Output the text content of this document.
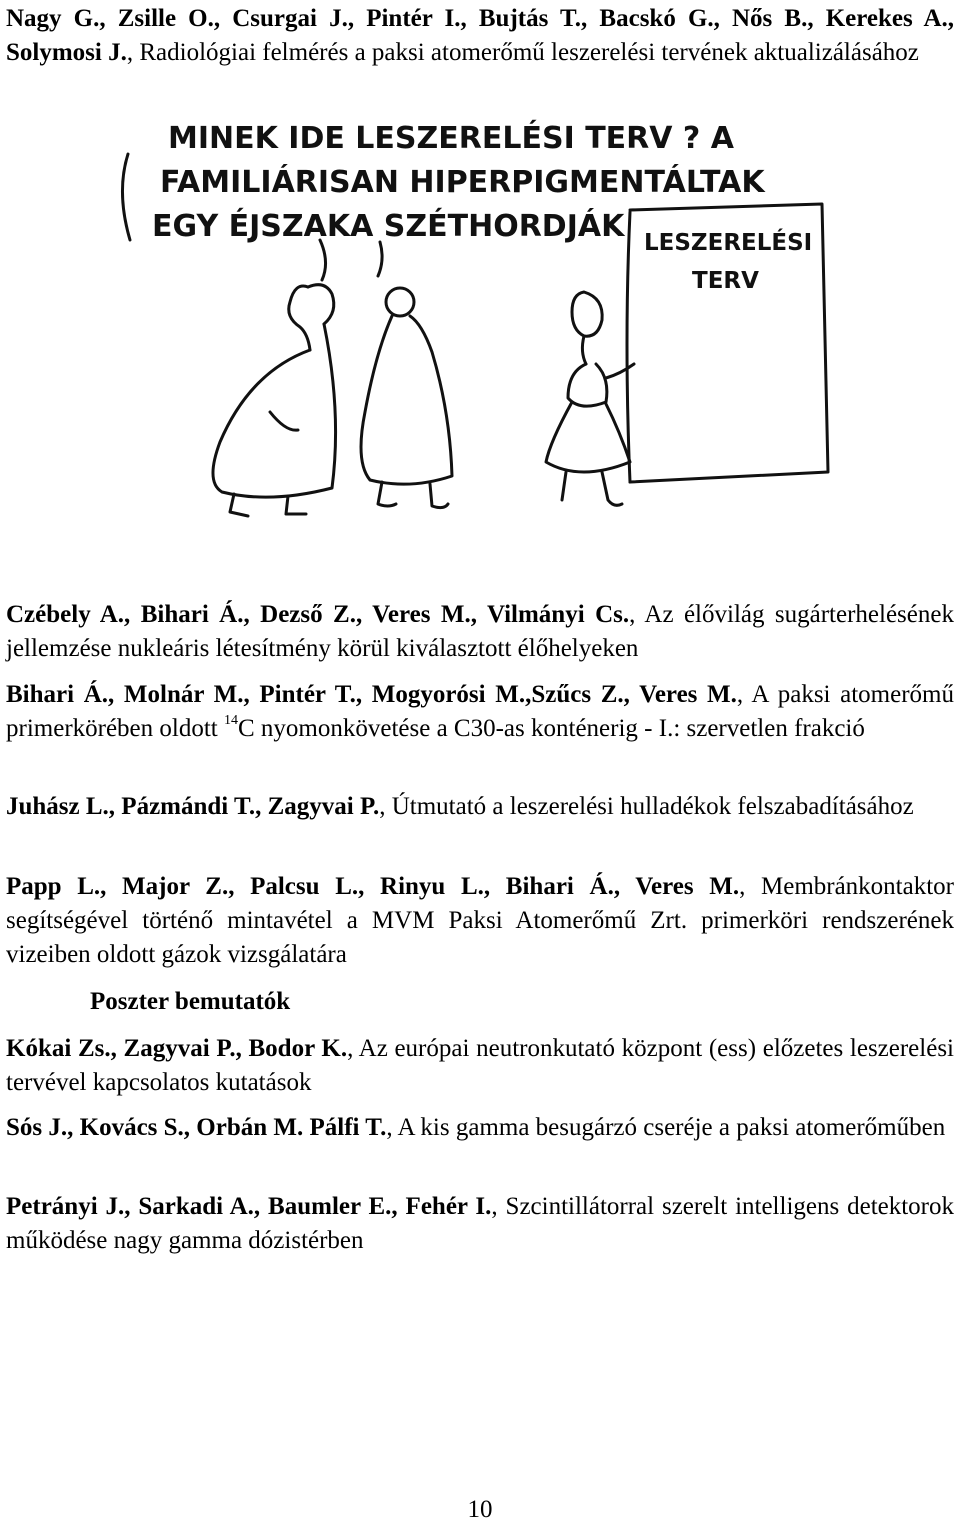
Nagy G., Zsille O., Csurgai J., Pintér I., Bujtás T., Bacskó G., Nős B., Kerekes A., Solymosi J., Radiológiai felmérés a paksi atomerőmű leszerelési tervének aktualizálásához
MINEK IDE LESZERELÉSI TERV ? A
FAMILIÁRISAN HIPERPIGMENTÁLTAK
EGY ÉJSZAKA SZÉTHORDJÁK LESZERELÉSI
TERV
Czébely A., Bihari Á., Dezső Z., Veres M., Vilmányi Cs., Az élővilág sugárterhelésének jellemzése nukleáris létesítmény körül kiválasztott élőhelyeken
Bihari Á., Molnár M., Pintér T., Mogyorósi M.,Szűcs Z., Veres M., A paksi atomerőmű primerkörében oldott $^{14}$C nyomonkövetése a C30-as konténerig - I.: szervetlen frakció
Juhász L., Pázmándi T., Zagyvai P., Útmutató a leszerelési hulladékok felszabadításához
Papp L., Major Z., Palcsu L., Rinyu L., Bihari Á., Veres M., Membránkontaktor segítségével történő mintavétel a MVM Paksi Atomerőmű Zrt. primerköri rendszerének vizeiben oldott gázok vizsgálatára
Poszter bemutatók
Kókai Zs., Zagyvai P., Bodor K., Az európai neutronkutató központ (ess) előzetes leszerelési tervével kapcsolatos kutatások
Sós J., Kovács S., Orbán M. Pálfi T., A kis gamma besugárzó cseréje a paksi atomerőműben
Petrányi J., Sarkadi A., Baumler E., Fehér I., Szcintillátorral szerelt intelligens detektorok működése nagy gamma dózistérben
10
